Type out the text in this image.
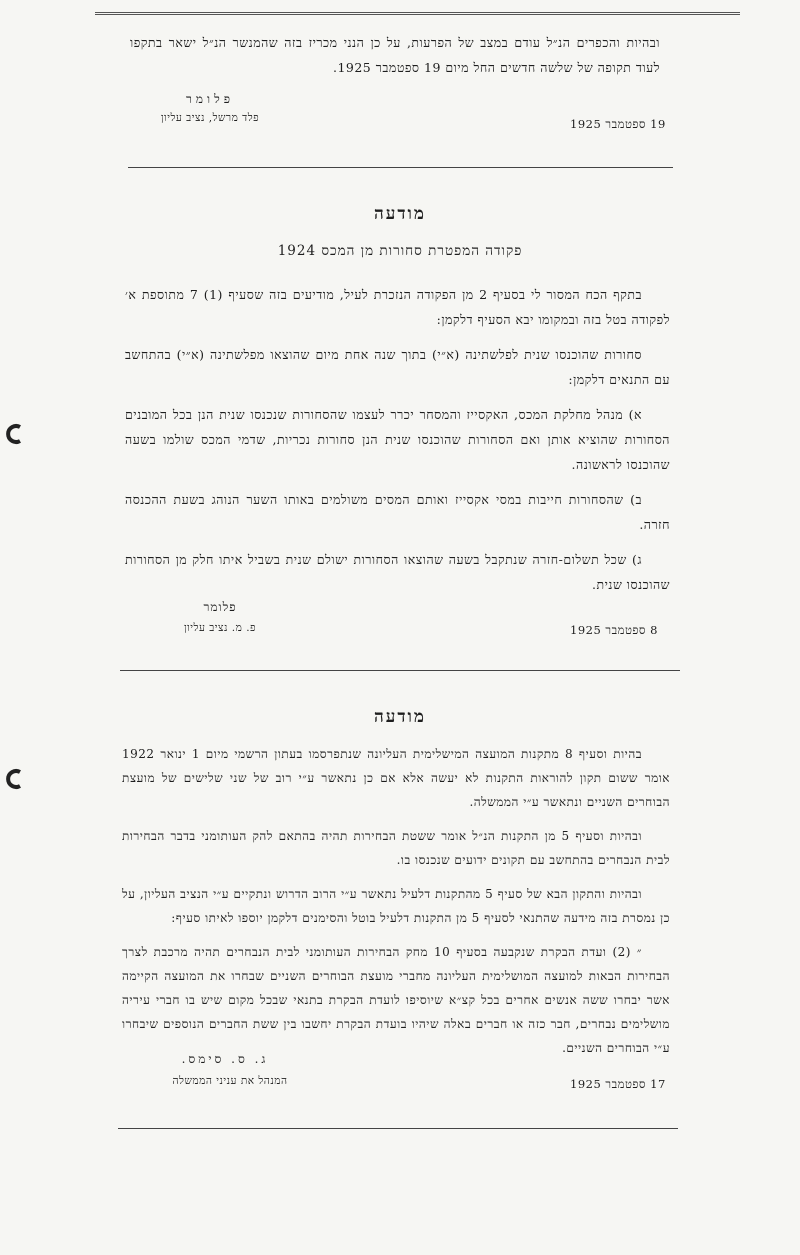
ובהיות והכפרים הנ״ל עודם במצב של הפרעות, על כן הנני מכריז בזה שהמנשר הנ״ל ישאר בתקפו לעוד תקופה של שלשה חדשים החל מיום 19 ספטמבר 1925.

פלומר
פלד מרשל, נציב עליון	19 ספטמבר 1925
מודעה
פקודה המפטרת סחורות מן המכס 1924

בתקף הכח המסור לי בסעיף 2 מן הפקודה הנזכרת לעיל, מודיעים בזה שסעיף (1) 7 מתוספת א׳ לפקודה בטל בזה ובמקומו יבא הסעיף דלקמן:

סחורות שהוכנסו שנית לפלשתינה (א״י) בתוך שנה אחת מיום שהוצאו מפלשתינה (א״י) בהתחשב עם התנאים דלקמן:

א) מנהל מחלקת המכס, האקסייז והמסחר יכרר לעצמו שהסחורות שנכנסו שנית הנן בכל המובנים הסחורות שהוציא אותן ואם הסחורות שהוכנסו שנית הנן סחורות נכריות, שדמי המכס שולמו בשעה שהוכנסו לראשונה.

ב) שהסחורות חייבות במסי אקסייז ואותם המסים משולמים באותו השער הנוהג בשעת ההכנסה חזרה.

ג) שכל תשלום-חזרה שנתקבל בשעה שהוצאו הסחורות ישולם שנית בשביל איתו חלק מן הסחורות שהוכנסו שנית.

פלומר
פ. מ. נציב עליון	8 ספטמבר 1925
מודעה

בהיות וסעיף 8 מתקנות המועצה המישלימית העליונה שנתפרסמו בעתון הרשמי מיום 1 ינואר 1922 אומר ששום תקון להוראות התקנות לא יעשה אלא אם כן נתאשר ע״י רוב של שני שלישים של מועצת הבוחרים השניים ונתאשר ע״י הממשלה.

ובהיות וסעיף 5 מן התקנות הנ״ל אומר ששטת הבחירות תהיה בהתאם להק העותומני בדבר הבחירות לבית הנבחרים בהתחשב עם תקונים ידועים שנכנסו בו.

ובהיות והתקון הבא של סעיף 5 מהתקנות דלעיל נתאשר ע״י הרוב הדרוש ונתקיים ע״י הנציב העליון, על כן נמסרת בזה מידעה שהתנאי לסעיף 5 מן התקנות דלעיל בוטל והסימנים דלקמן יוספו לאיתו סעיף:

״ (2) ועדת הבקרת שנקבעה בסעיף 10 מחק הבחירות העותומני לבית הנבחרים תהיה מרכבת לצרך הבחירות הבאות למועצה המושלימית העליונה מחברי מועצת הבוחרים השניים שבחרו את המועצה הקיימה אשר יבחרו ששה אנשים אחרים בכל קצ״א שיוסיפו לועדת הבקרת בתנאי שבכל מקום שיש בו חברי עיריה מושלימים נבחרים, חבר כזה או חברים באלה שיהיו בועדת הבקרת יחשבו בין ששת החברים הנוספים שיבחרו ע״י הבוחרים השניים.

ג. ס. סימס.
המנהל את עניני הממשלה	17 ספטמבר 1925
